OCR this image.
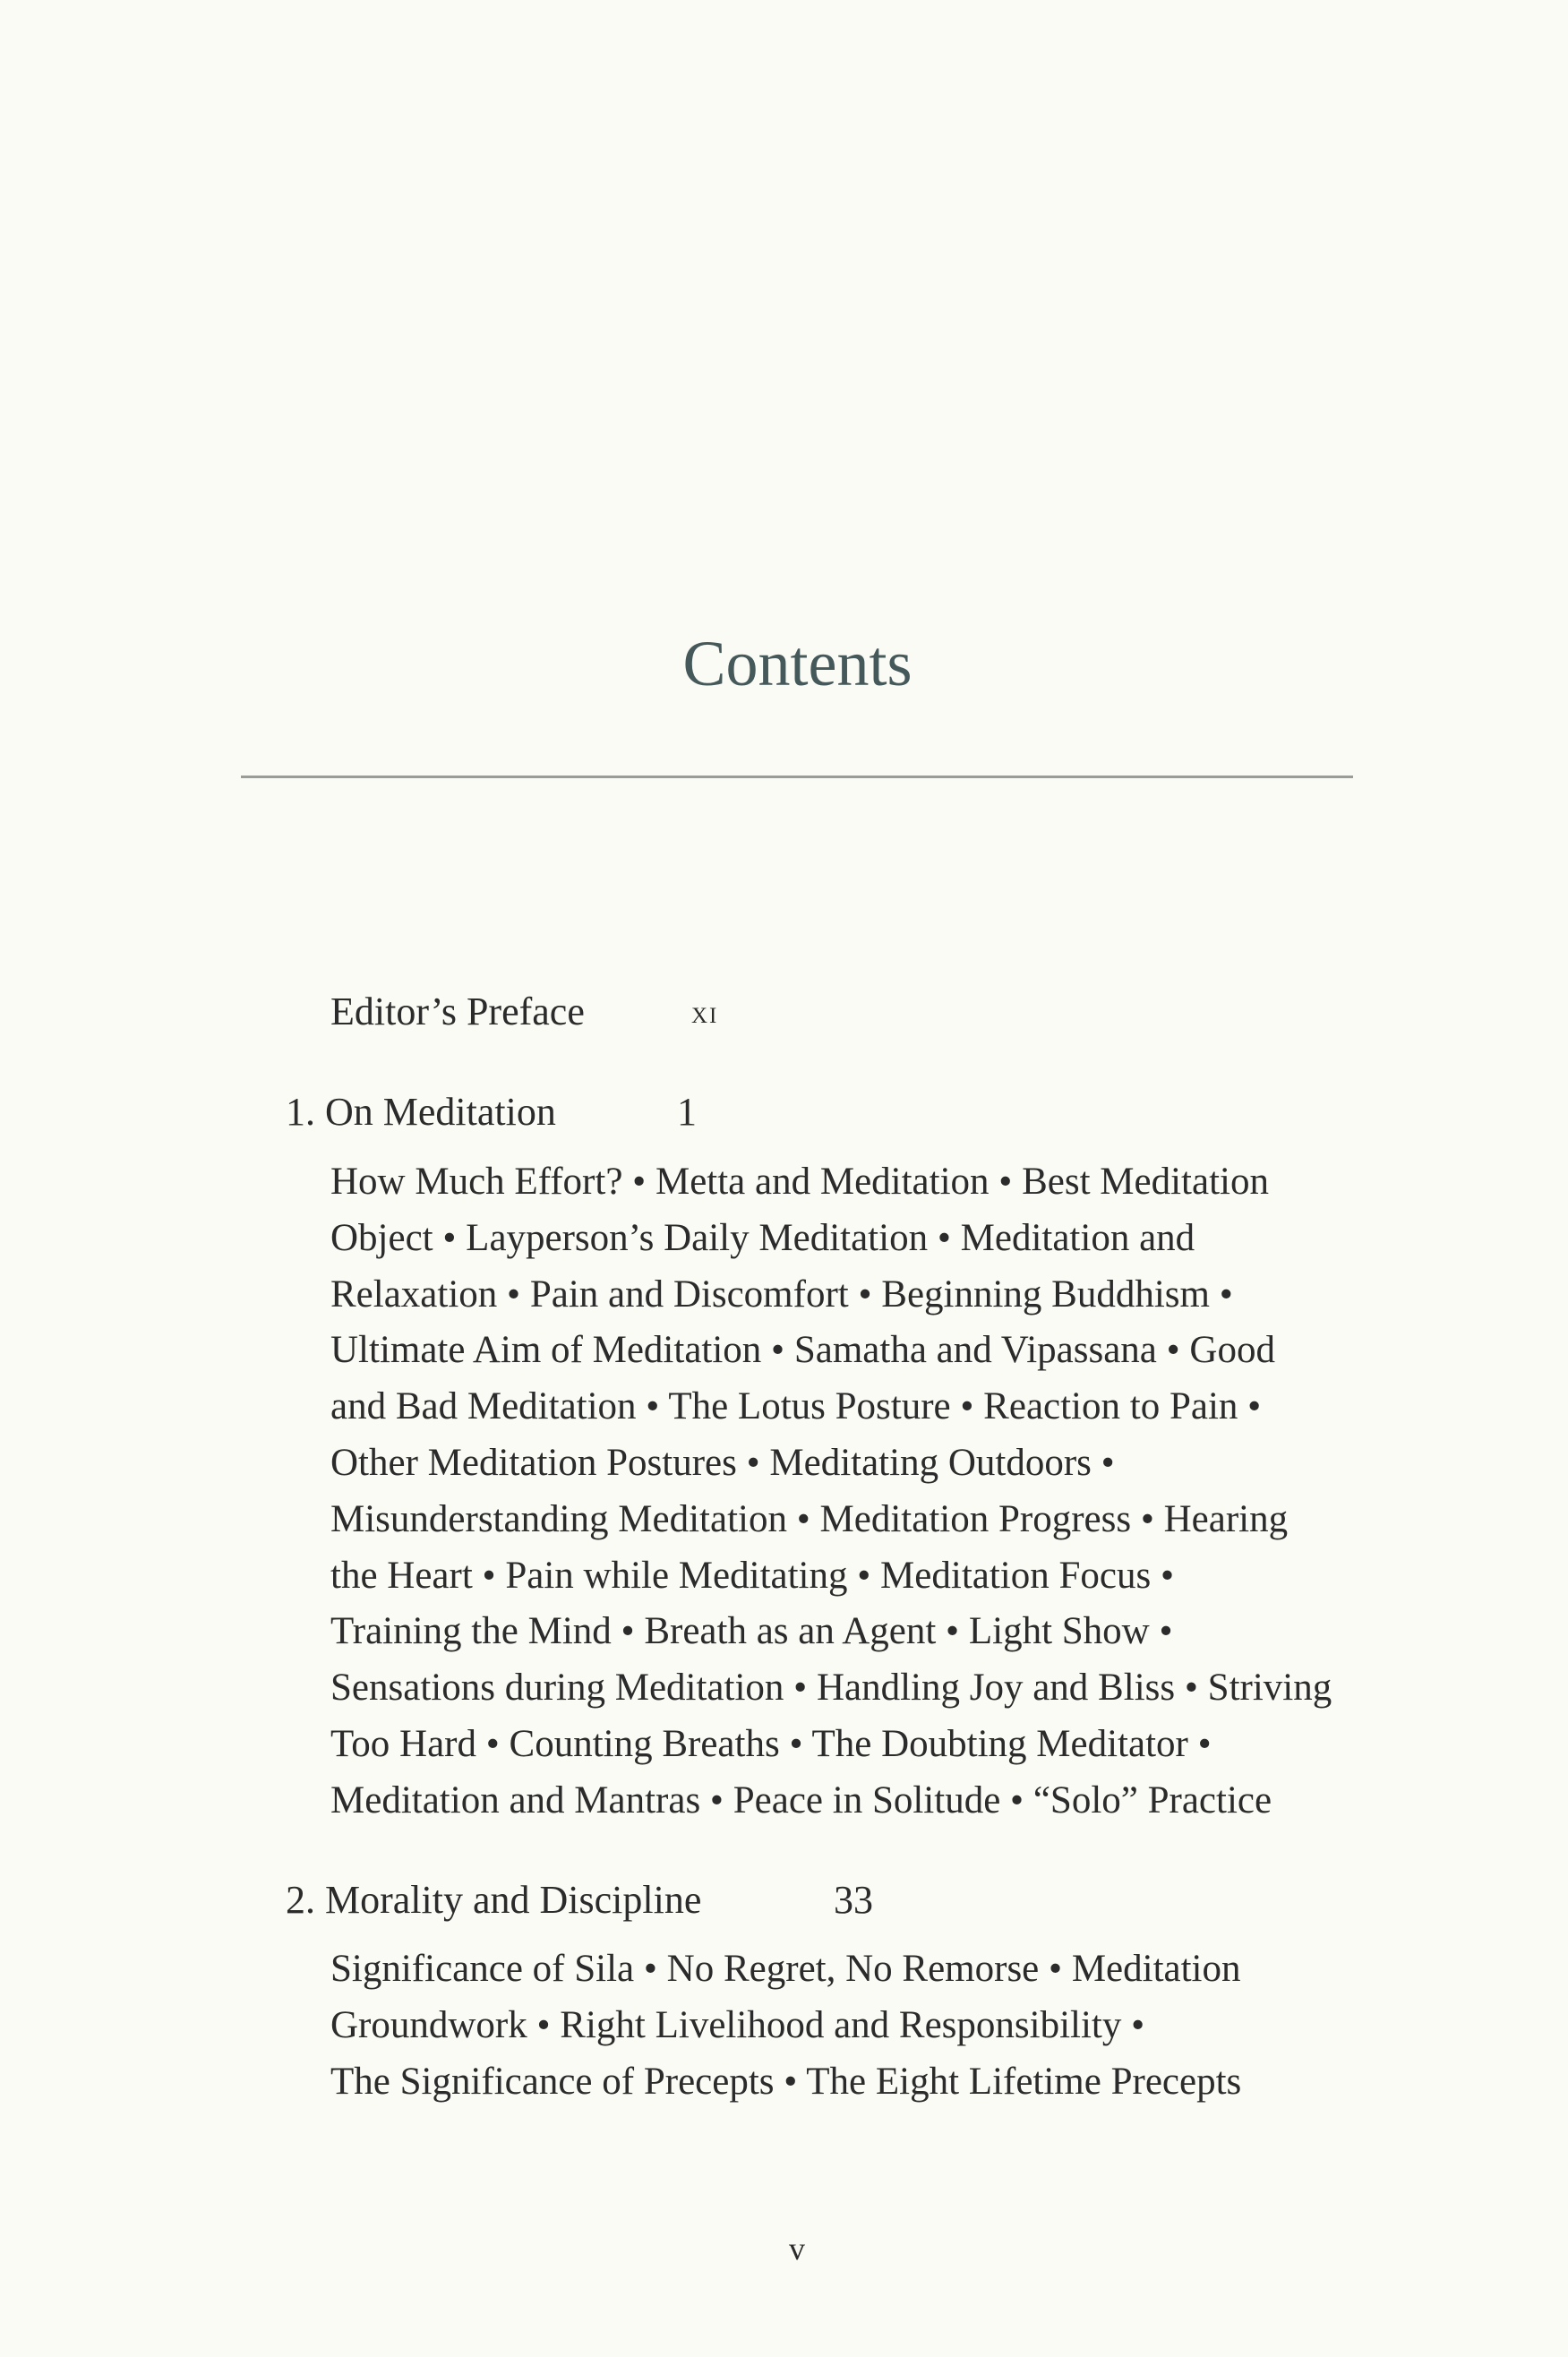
Contents
Editor’s Preface	xi
1. On Meditation	1
How Much Effort? • Metta and Meditation • Best Meditation
Object • Layperson’s Daily Meditation • Meditation and
Relaxation • Pain and Discomfort • Beginning Buddhism •
Ultimate Aim of Meditation • Samatha and Vipassana • Good
and Bad Meditation • The Lotus Posture • Reaction to Pain •
Other Meditation Postures • Meditating Outdoors •
Misunderstanding Meditation • Meditation Progress • Hearing
the Heart • Pain while Meditating • Meditation Focus •
Training the Mind • Breath as an Agent • Light Show •
Sensations during Meditation • Handling Joy and Bliss • Striving
Too Hard • Counting Breaths • The Doubting Meditator •
Meditation and Mantras • Peace in Solitude • “Solo” Practice
2. Morality and Discipline	33
Significance of Sila • No Regret, No Remorse • Meditation
Groundwork • Right Livelihood and Responsibility •
The Significance of Precepts • The Eight Lifetime Precepts
v
